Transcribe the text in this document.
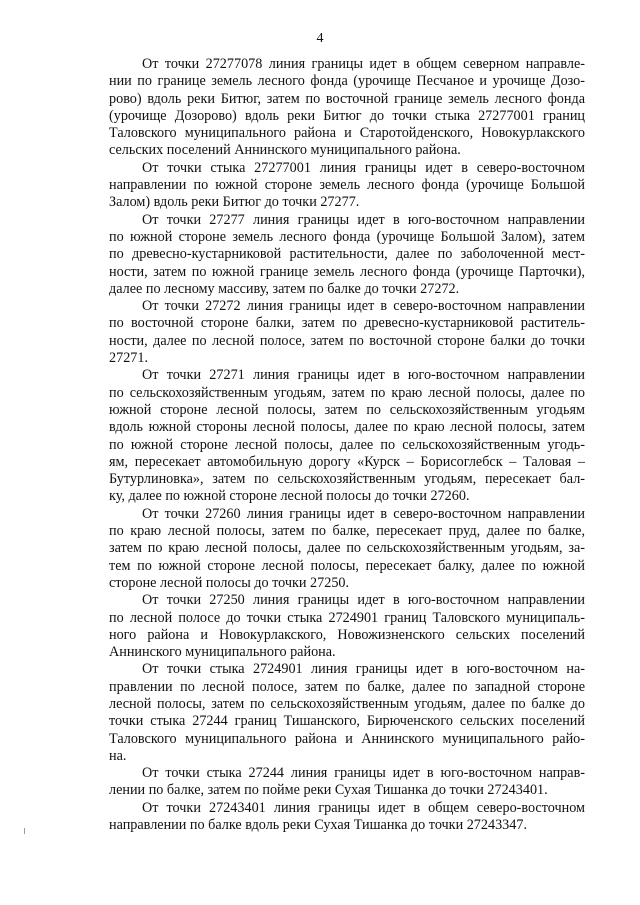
4
От точки 27277078 линия границы идет в общем северном направле-
нии по границе земель лесного фонда (урочище Песчаное и урочище Дозо-
рово) вдоль реки Битюг, затем по восточной границе земель лесного фонда
(урочище Дозорово) вдоль реки Битюг до точки стыка 27277001 границ
Таловского муниципального района и Старотойденского, Новокурлакского
сельских поселений Аннинского муниципального района.
От точки стыка 27277001 линия границы идет в северо-восточном
направлении по южной стороне земель лесного фонда (урочище Большой
Залом) вдоль реки Битюг до точки 27277.
От точки 27277 линия границы идет в юго-восточном направлении
по южной стороне земель лесного фонда (урочище Большой Залом), затем
по древесно-кустарниковой растительности, далее по заболоченной мест-
ности, затем по южной границе земель лесного фонда (урочище Парточки),
далее по лесному массиву, затем по балке до точки 27272.
От точки 27272 линия границы идет в северо-восточном направлении
по восточной стороне балки, затем по древесно-кустарниковой раститель-
ности, далее по лесной полосе, затем по восточной стороне балки до точки
27271.
От точки 27271 линия границы идет в юго-восточном направлении
по сельскохозяйственным угодьям, затем по краю лесной полосы, далее по
южной стороне лесной полосы, затем по сельскохозяйственным угодьям
вдоль южной стороны лесной полосы, далее по краю лесной полосы, затем
по южной стороне лесной полосы, далее по сельскохозяйственным угодь-
ям, пересекает автомобильную дорогу «Курск – Борисоглебск – Таловая –
Бутурлиновка», затем по сельскохозяйственным угодьям, пересекает бал-
ку, далее по южной стороне лесной полосы до точки 27260.
От точки 27260 линия границы идет в северо-восточном направлении
по краю лесной полосы, затем по балке, пересекает пруд, далее по балке,
затем по краю лесной полосы, далее по сельскохозяйственным угодьям, за-
тем по южной стороне лесной полосы, пересекает балку, далее по южной
стороне лесной полосы до точки 27250.
От точки 27250 линия границы идет в юго-восточном направлении
по лесной полосе до точки стыка 2724901 границ Таловского муниципаль-
ного района и Новокурлакского, Новожизненского сельских поселений
Аннинского муниципального района.
От точки стыка 2724901 линия границы идет в юго-восточном на-
правлении по лесной полосе, затем по балке, далее по западной стороне
лесной полосы, затем по сельскохозяйственным угодьям, далее по балке до
точки стыка 27244 границ Тишанского, Бирюченского сельских поселений
Таловского муниципального района и Аннинского муниципального райо-
на.
От точки стыка 27244 линия границы идет в юго-восточном направ-
лении по балке, затем по пойме реки Сухая Тишанка до точки 27243401.
От точки 27243401 линия границы идет в общем северо-восточном
направлении по балке вдоль реки Сухая Тишанка до точки 27243347.
